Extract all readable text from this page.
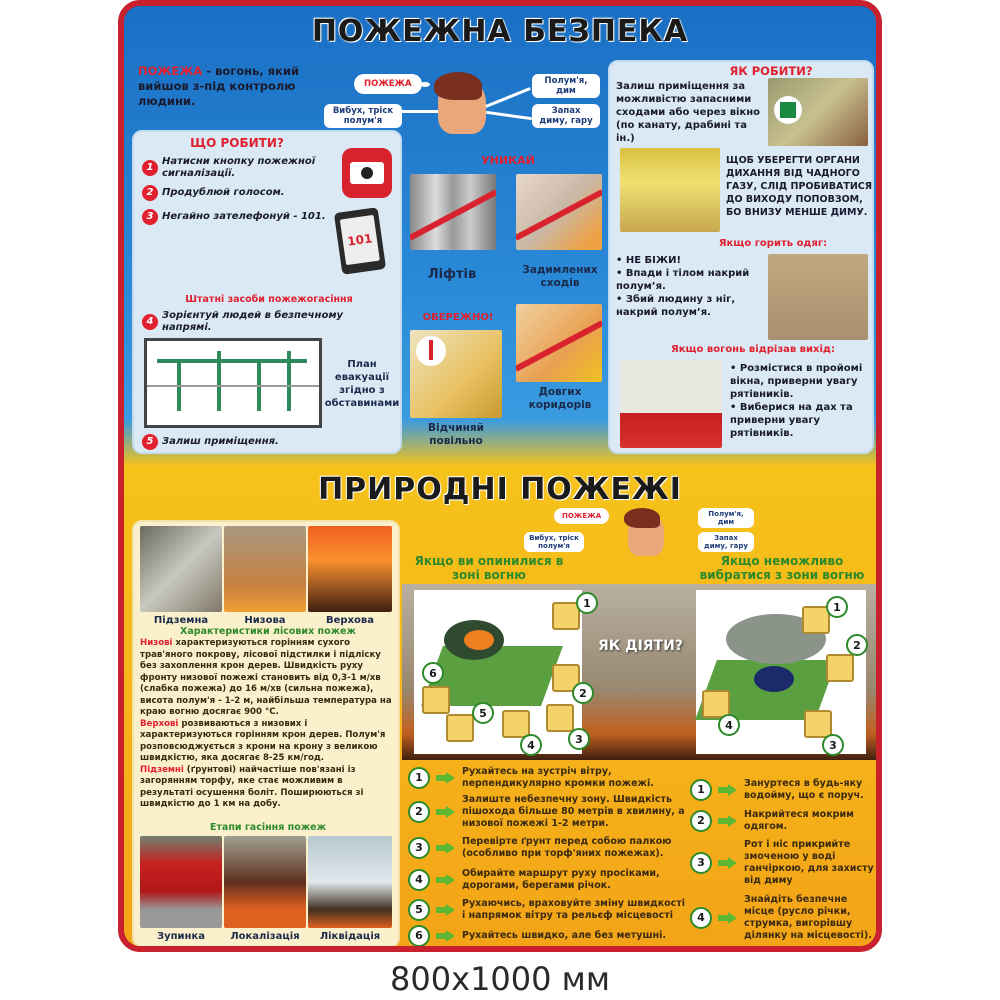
ПОЖЕЖНА БЕЗПЕКА
ПОЖЕЖА - вогонь, який вийшов з-під контролю людини.
ПОЖЕЖА
Вибух, тріск полум'я
Полум'я, дим
Запах диму, гару
ЩО РОБИТИ?
1
Натисни кнопку пожежної сигналізації.
2 Продублюй голосом.
3 Негайно зателефонуй - 101.
101
Штатні засоби пожежогасіння
4
Зорієнтуй людей в безпечному напрямі.
План евакуації згідно з обставинами
5 Залиш приміщення.
УНИКАЙ
Ліфтів	Задимлених сходів
ОБЕРЕЖНО!
Довгих коридорів
Відчиняй повільно
ЯК РОБИТИ?
Залиш приміщення за можливістю запасними сходами або через вікно (по канату, драбині та ін.)
ЩОБ УБЕРЕГТИ ОРГАНИ ДИХАННЯ ВІД ЧАДНОГО ГАЗУ, СЛІД ПРОБИВАТИСЯ ДО ВИХОДУ ПОПОВЗОМ, БО ВНИЗУ МЕНШЕ ДИМУ.
Якщо горить одяг:
• НЕ БІЖИ!
• Впади і тілом накрий полум’я.
• Збий людину з ніг, накрий полум’я.
Якщо вогонь відрізав вихід:
• Розмістися в пройомі вікна, приверни увагу рятівників.
• Виберися на дах та приверни увагу рятівників.
ПРИРОДНІ ПОЖЕЖІ
Підземна	Низова	Верхова
Характеристики лісових пожеж

Низові характеризуються горінням сухого трав'яного покрову, лісової підстилки і підліску без захоплення крон дерев. Швидкість руху фронту низової пожежі становить від 0,3-1 м/хв (слабка пожежа) до 16 м/хв (сильна пожежа), висота полум'я - 1-2 м, найбільша температура на краю вогню досягає 900 °С.

Верхові розвиваються з низових і характеризуються горінням крон дерев. Полум'я розповсюджується з крони на крону з великою швидкістю, яка досягає 8-25 км/год.

Підземні (ґрунтові) найчастіше пов'язані із загорянням торфу, яке стає можливим в результаті осушення боліт. Поширюються зі швидкістю до 1 км на добу.

Етапи гасіння пожеж
Зупинка	Локалізація	Ліквідація
ПОЖЕЖА
Вибух, тріск полум'я
Полум'я, дим
Запах диму, гару
Якщо ви опинилися в зоні вогню
Якщо неможливо вибратися з зони вогню
1
2
3
4
5
6
ЯК ДІЯТИ?
1
2
3
4
1	Рухайтесь на зустріч вітру, перпендикулярно кромки пожежі.
2
Залиште небезпечну зону. Швидкість пішохода більше 80 метрів в хвилину, а низової пожежі 1-2 метри.
3	Перевірте ґрунт перед собою палкою (особливо при торф'яних пожежах).
4	Обирайте маршрут руху просіками, дорогами, берегами річок.
5	Рухаючись, враховуйте зміну швидкості і напрямок вітру та рельєф місцевості
6	Рухайтесь швидко, але без метушні.
1	Зануртеся в будь-яку водойму, що є поруч.
2	Накрийтеся мокрим одягом.
3
Рот і ніс прикрийте змоченою у воді ганчіркою, для захисту від диму
4
Знайдіть безпечне місце (русло річки, струмка, вигорівшу ділянку на місцевості).
800x1000 мм
